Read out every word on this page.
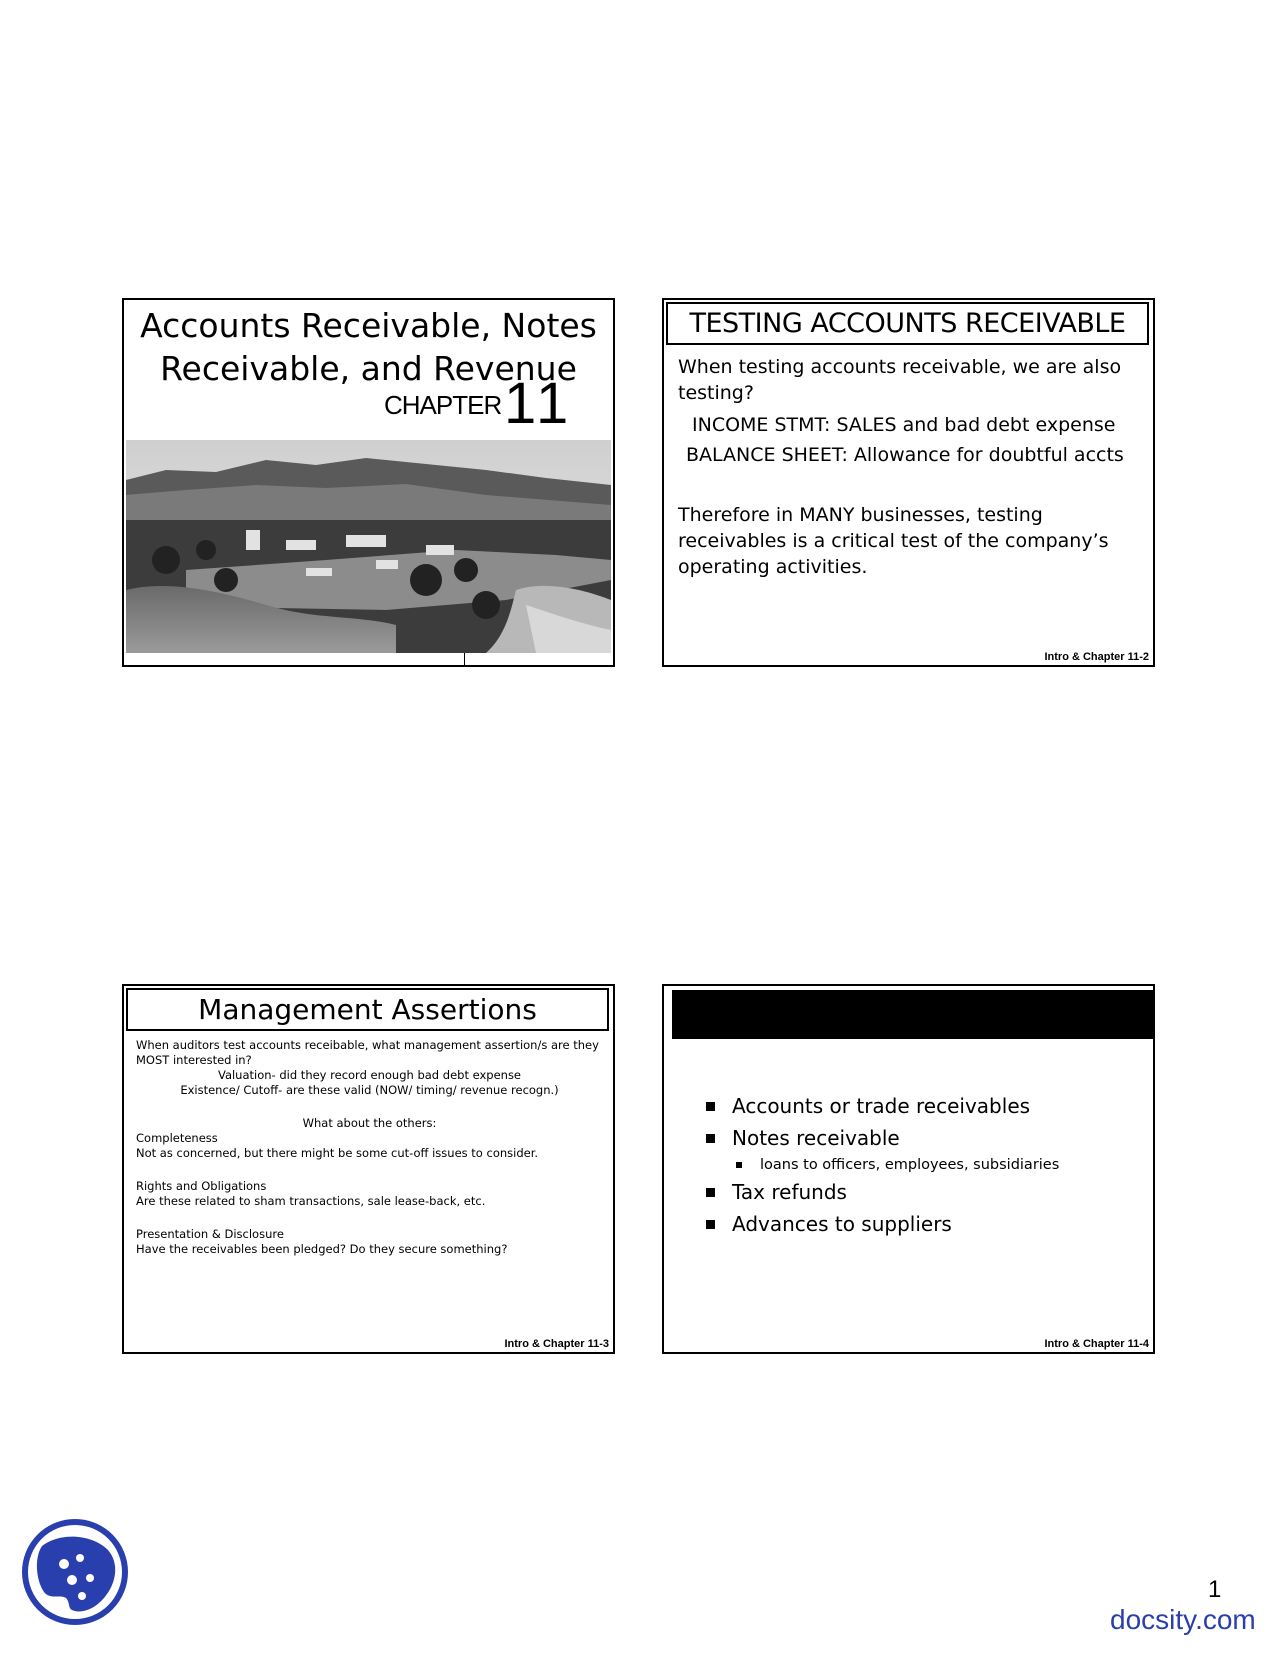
Accounts Receivable, Notes Receivable, and Revenue
CHAPTER 11
TESTING ACCOUNTS RECEIVABLE
When testing accounts receivable, we are also testing?
INCOME STMT: SALES and bad debt expense
BALANCE SHEET: Allowance for doubtful accts
Therefore in MANY businesses, testing receivables is a critical test of the company’s operating activities.
Intro & Chapter 11-2
Management Assertions
When auditors test accounts receibable, what management assertion/s are they MOST interested in?
Valuation- did they record enough bad debt expense
Existence/ Cutoff- are these valid (NOW/ timing/ revenue recogn.)
What about the others:
Completeness
Not as concerned, but there might be some cut-off issues to consider.
Rights and Obligations
Are these related to sham transactions, sale lease-back, etc.
Presentation & Disclosure
Have the receivables been pledged? Do they secure something?
Intro & Chapter 11-3
Accounts or trade receivables
Notes receivable
loans to officers, employees, subsidiaries
Tax refunds
Advances to suppliers
Intro & Chapter 11-4
1
docsity.com
